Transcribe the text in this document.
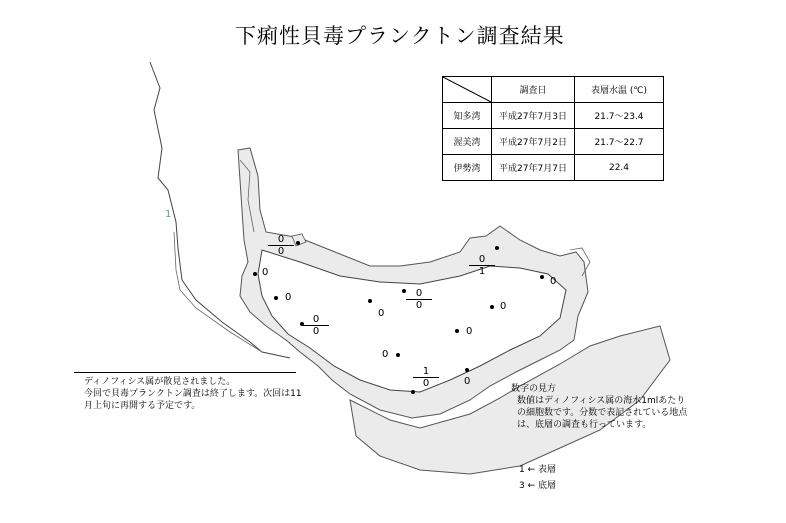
下痢性貝毒プランクトン調査結果
	調査日	表層水温 (℃)
知多湾	平成27年7月3日	21.7～23.4
渥美湾	平成27年7月2日	21.7～22.7
伊勢湾	平成27年7月7日	22.4
1
0
0
0
0
0
0
0
0
$\frac{0}{0}$
$\frac{0}{1}$
$\frac{0}{0}$
$\frac{0}{0}$
$\frac{1}{0}$
ディノフィシス属が散見されました。
今回で貝毒プランクトン調査は終了します。次回は11月上旬に再開する予定です。
数字の見方
数値はディノフィシス属の海水1mlあたりの細胞数です。分数で表記されている地点は、底層の調査も行っています。
1 ← 表層
3 ← 底層
